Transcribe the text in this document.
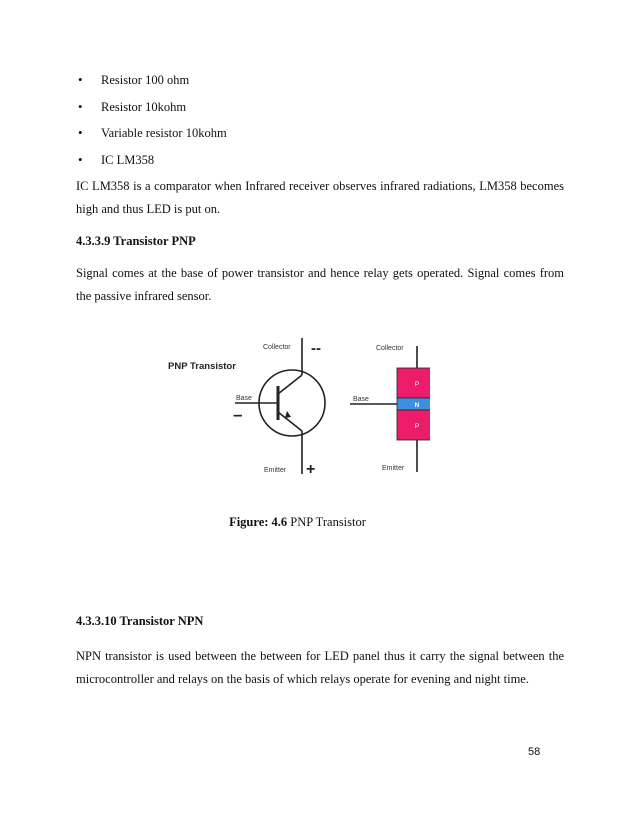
• Resistor 100 ohm
• Resistor 10kohm
• Variable resistor 10kohm
• IC LM358

IC LM358 is a comparator when Infrared receiver observes infrared radiations, LM358 becomes high and thus LED is put on.

4.3.3.9 Transistor PNP

Signal comes at the base of power transistor and hence relay gets operated. Signal comes from the passive infrared sensor.

PNP Transistor
Collector
Base
Emitter
--
–
+
P
N
P
Collector
Base
Emitter
Figure: 4.6 PNP Transistor
4.3.3.10 Transistor NPN

NPN transistor is used between the between for LED panel thus it carry the signal between the microcontroller and relays on the basis of which relays operate for evening and night time.

58
